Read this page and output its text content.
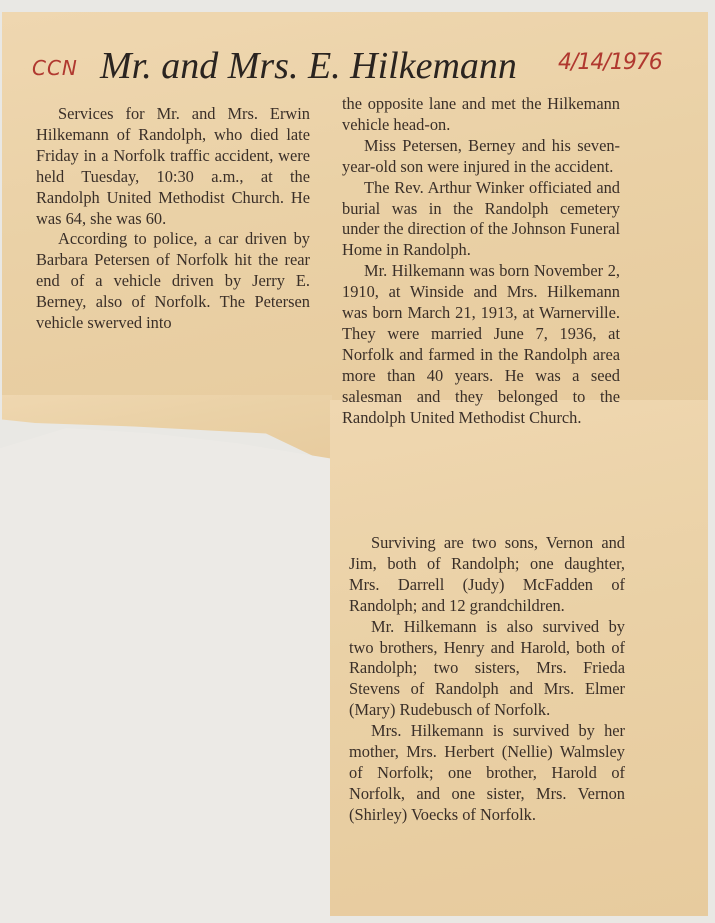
CCN Mr. and Mrs. E. Hilkemann 4/14/1976

Services for Mr. and Mrs. Erwin Hilkemann of Randolph, who died late Friday in a Norfolk traffic accident, were held Tuesday, 10:30 a.m., at the Randolph United Methodist Church. He was 64, she was 60.

According to police, a car driven by Barbara Petersen of Norfolk hit the rear end of a vehicle driven by Jerry E. Berney, also of Norfolk. The Petersen vehicle swerved into

the opposite lane and met the Hilkemann vehicle head-on.

Miss Petersen, Berney and his seven-year-old son were injured in the accident.

The Rev. Arthur Winker officiated and burial was in the Randolph cemetery under the direction of the Johnson Funeral Home in Randolph.

Mr. Hilkemann was born November 2, 1910, at Winside and Mrs. Hilkemann was born March 21, 1913, at Warnerville. They were married June 7, 1936, at Norfolk and farmed in the Randolph area more than 40 years. He was a seed salesman and they belonged to the Randolph United Methodist Church.

Surviving are two sons, Vernon and Jim, both of Randolph; one daughter, Mrs. Darrell (Judy) McFadden of Randolph; and 12 grandchildren.

Mr. Hilkemann is also survived by two brothers, Henry and Harold, both of Randolph; two sisters, Mrs. Frieda Stevens of Randolph and Mrs. Elmer (Mary) Rudebusch of Norfolk.

Mrs. Hilkemann is survived by her mother, Mrs. Herbert (Nellie) Walmsley of Norfolk; one brother, Harold of Norfolk, and one sister, Mrs. Vernon (Shirley) Voecks of Norfolk.
